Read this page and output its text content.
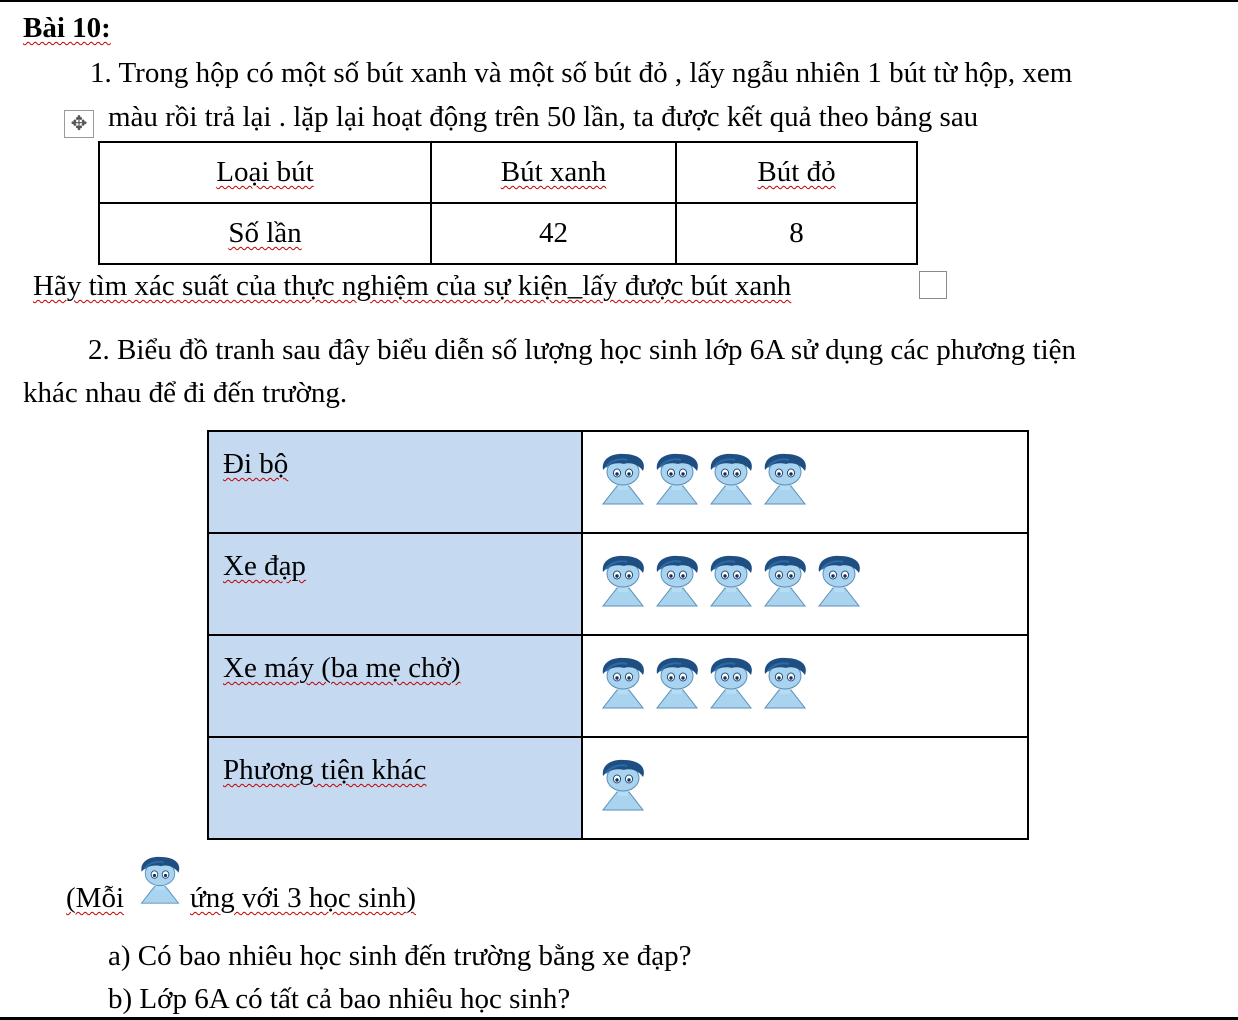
Bài 10:
1. Trong hộp có một số bút xanh và một số bút đỏ , lấy ngẫu nhiên 1 bút từ hộp, xem
✥ màu rồi trả lại . lặp lại hoạt động trên 50 lần, ta được kết quả theo bảng sau
Loại bút	Bút xanh	Bút đỏ
Số lần	42	8
Hãy tìm xác suất của thực nghiệm của sự kiện_lấy được bút xanh
2. Biểu đồ tranh sau đây biểu diễn số lượng học sinh lớp 6A sử dụng các phương tiện
khác nhau để đi đến trường.
Đi bộ	

Xe đạp	

Xe máy (ba mẹ chở)	

Phương tiện khác	
(Mỗi ứng với 3 học sinh)
a) Có bao nhiêu học sinh đến trường bằng xe đạp?
b) Lớp 6A có tất cả bao nhiêu học sinh?
